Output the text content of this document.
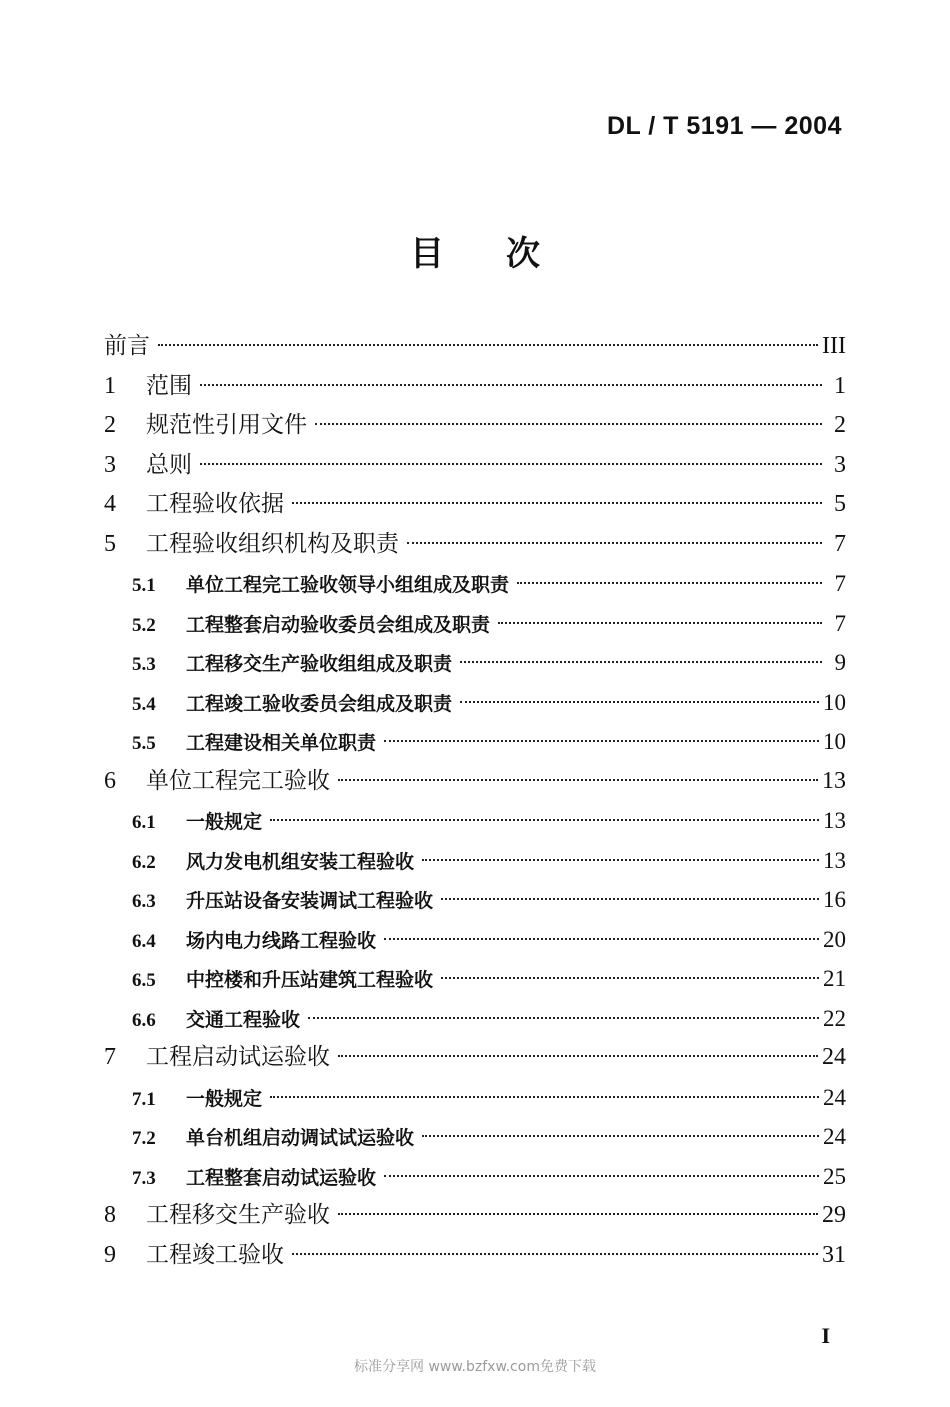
DL / T 5191 — 2004
目 次
前言	III
1	范围	1
2	规范性引用文件	2
3	总则	3
4	工程验收依据	5
5	工程验收组织机构及职责	7
5.1	单位工程完工验收领导小组组成及职责	7
5.2	工程整套启动验收委员会组成及职责	7
5.3	工程移交生产验收组组成及职责	9
5.4	工程竣工验收委员会组成及职责	10
5.5	工程建设相关单位职责	10
6	单位工程完工验收	13
6.1	一般规定	13
6.2	风力发电机组安装工程验收	13
6.3	升压站设备安装调试工程验收	16
6.4	场内电力线路工程验收	20
6.5	中控楼和升压站建筑工程验收	21
6.6	交通工程验收	22
7	工程启动试运验收	24
7.1	一般规定	24
7.2	单台机组启动调试试运验收	24
7.3	工程整套启动试运验收	25
8	工程移交生产验收	29
9	工程竣工验收	31
I
标准分享网 www.bzfxw.com免费下载
